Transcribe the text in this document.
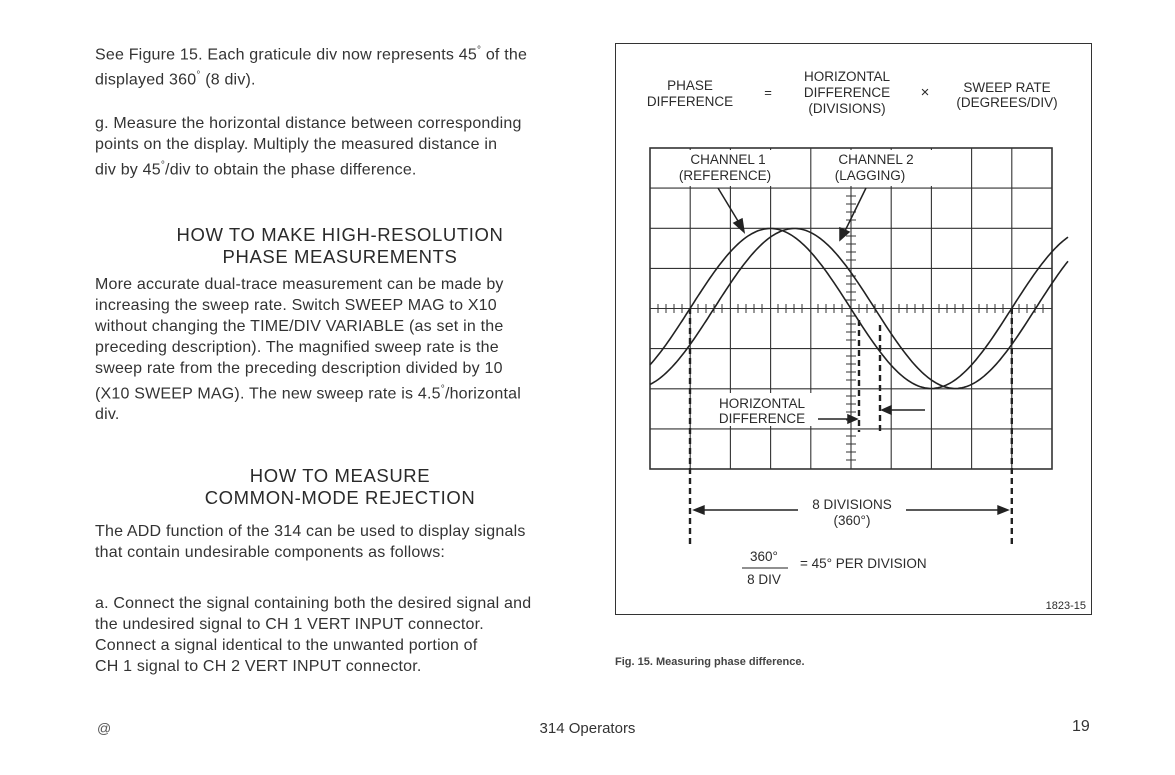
See Figure 15. Each graticule div now represents 45° of the
displayed 360° (8 div).

g. Measure the horizontal distance between corresponding
points on the display. Multiply the measured distance in
div by 45°/div to obtain the phase difference.

HOW TO MAKE HIGH-RESOLUTION

PHASE MEASUREMENTS

More accurate dual-trace measurement can be made by
increasing the sweep rate. Switch SWEEP MAG to X10
without changing the TIME/DIV VARIABLE (as set in the
preceding description). The magnified sweep rate is the
sweep rate from the preceding description divided by 10
(X10 SWEEP MAG). The new sweep rate is 4.5°/horizontal
div.

HOW TO MEASURE

COMMON-MODE REJECTION

The ADD function of the 314 can be used to display signals
that contain undesirable components as follows:

a. Connect the signal containing both the desired signal and
the undesired signal to CH 1 VERT INPUT connector.
Connect a signal identical to the unwanted portion of
CH 1 signal to CH 2 VERT INPUT connector.

PHASE
DIFFERENCE
=
HORIZONTAL
DIFFERENCE
(DIVISIONS)
×	SWEEP RATE
(DEGREES/DIV)
CHANNEL 1
(REFERENCE)
CHANNEL 2
(LAGGING)
HORIZONTAL
DIFFERENCE
8 DIVISIONS
(360°)
360°
8 DIV
= 45° PER DIVISION
1823-15
Fig. 15. Measuring phase difference.
@	314 Operators	19
